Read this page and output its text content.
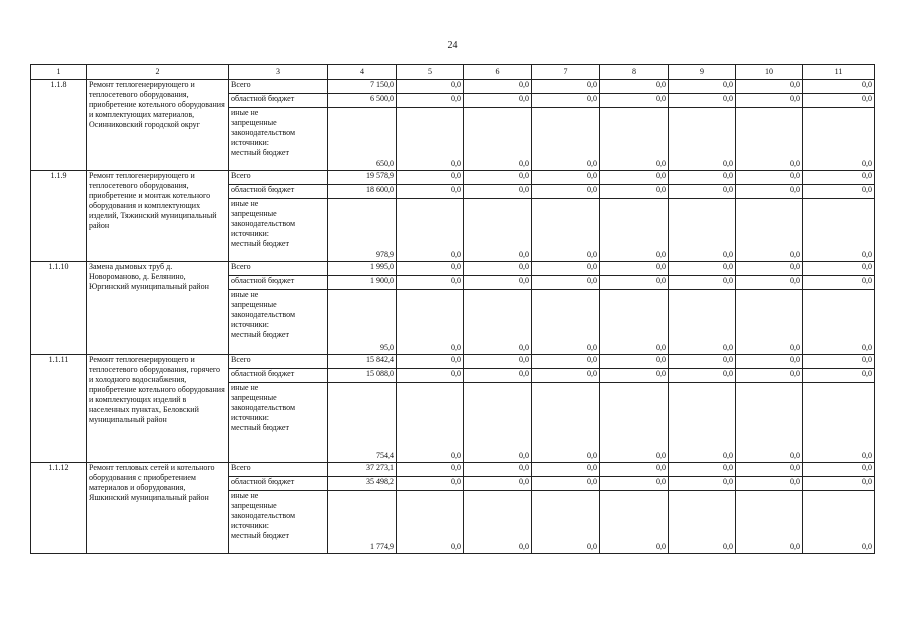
24
1	2	3	4	5	6	7	8	9	10	11
1.1.8	Ремонт теплогенерирующего и теплосетевого оборудования, приобретение котельного оборудования и комплектующих материалов, Осинниковский городской округ	Всего	7 150,0	0,0	0,0	0,0	0,0	0,0	0,0	0,0
		областной бюджет	6 500,0	0,0	0,0	0,0	0,0	0,0	0,0	0,0
		иные не
запрещенные
законодательством
источники:
местный бюджет	650,0	0,0	0,0	0,0	0,0	0,0	0,0	0,0
1.1.9	Ремонт теплогенерирующего и теплосетевого оборудования, приобретение и монтаж котельного оборудования и комплектующих изделий, Тяжинский муниципальный район	Всего	19 578,9	0,0	0,0	0,0	0,0	0,0	0,0	0,0
		областной бюджет	18 600,0	0,0	0,0	0,0	0,0	0,0	0,0	0,0
		иные не
запрещенные
законодательством
источники:
местный бюджет	978,9	0,0	0,0	0,0	0,0	0,0	0,0	0,0
1.1.10	Замена дымовых труб д. Новороманово, д. Белянино, Юргинский муниципальный район	Всего	1 995,0	0,0	0,0	0,0	0,0	0,0	0,0	0,0
		областной бюджет	1 900,0	0,0	0,0	0,0	0,0	0,0	0,0	0,0
		иные не
запрещенные
законодательством
источники:
местный бюджет	95,0	0,0	0,0	0,0	0,0	0,0	0,0	0,0
1.1.11	Ремонт теплогенерирующего и теплосетевого оборудования, горячего и холодного водоснабжения, приобретение котельного оборудования и комплектующих изделий в населенных пунктах, Беловский муниципальный район	Всего	15 842,4	0,0	0,0	0,0	0,0	0,0	0,0	0,0
		областной бюджет	15 088,0	0,0	0,0	0,0	0,0	0,0	0,0	0,0
		иные не
запрещенные
законодательством
источники:
местный бюджет	754,4	0,0	0,0	0,0	0,0	0,0	0,0	0,0
1.1.12	Ремонт тепловых сетей и котельного оборудования с приобретением материалов и оборудования, Яшкинский муниципальный район	Всего	37 273,1	0,0	0,0	0,0	0,0	0,0	0,0	0,0
		областной бюджет	35 498,2	0,0	0,0	0,0	0,0	0,0	0,0	0,0
		иные не
запрещенные
законодательством
источники:
местный бюджет	1 774,9	0,0	0,0	0,0	0,0	0,0	0,0	0,0
